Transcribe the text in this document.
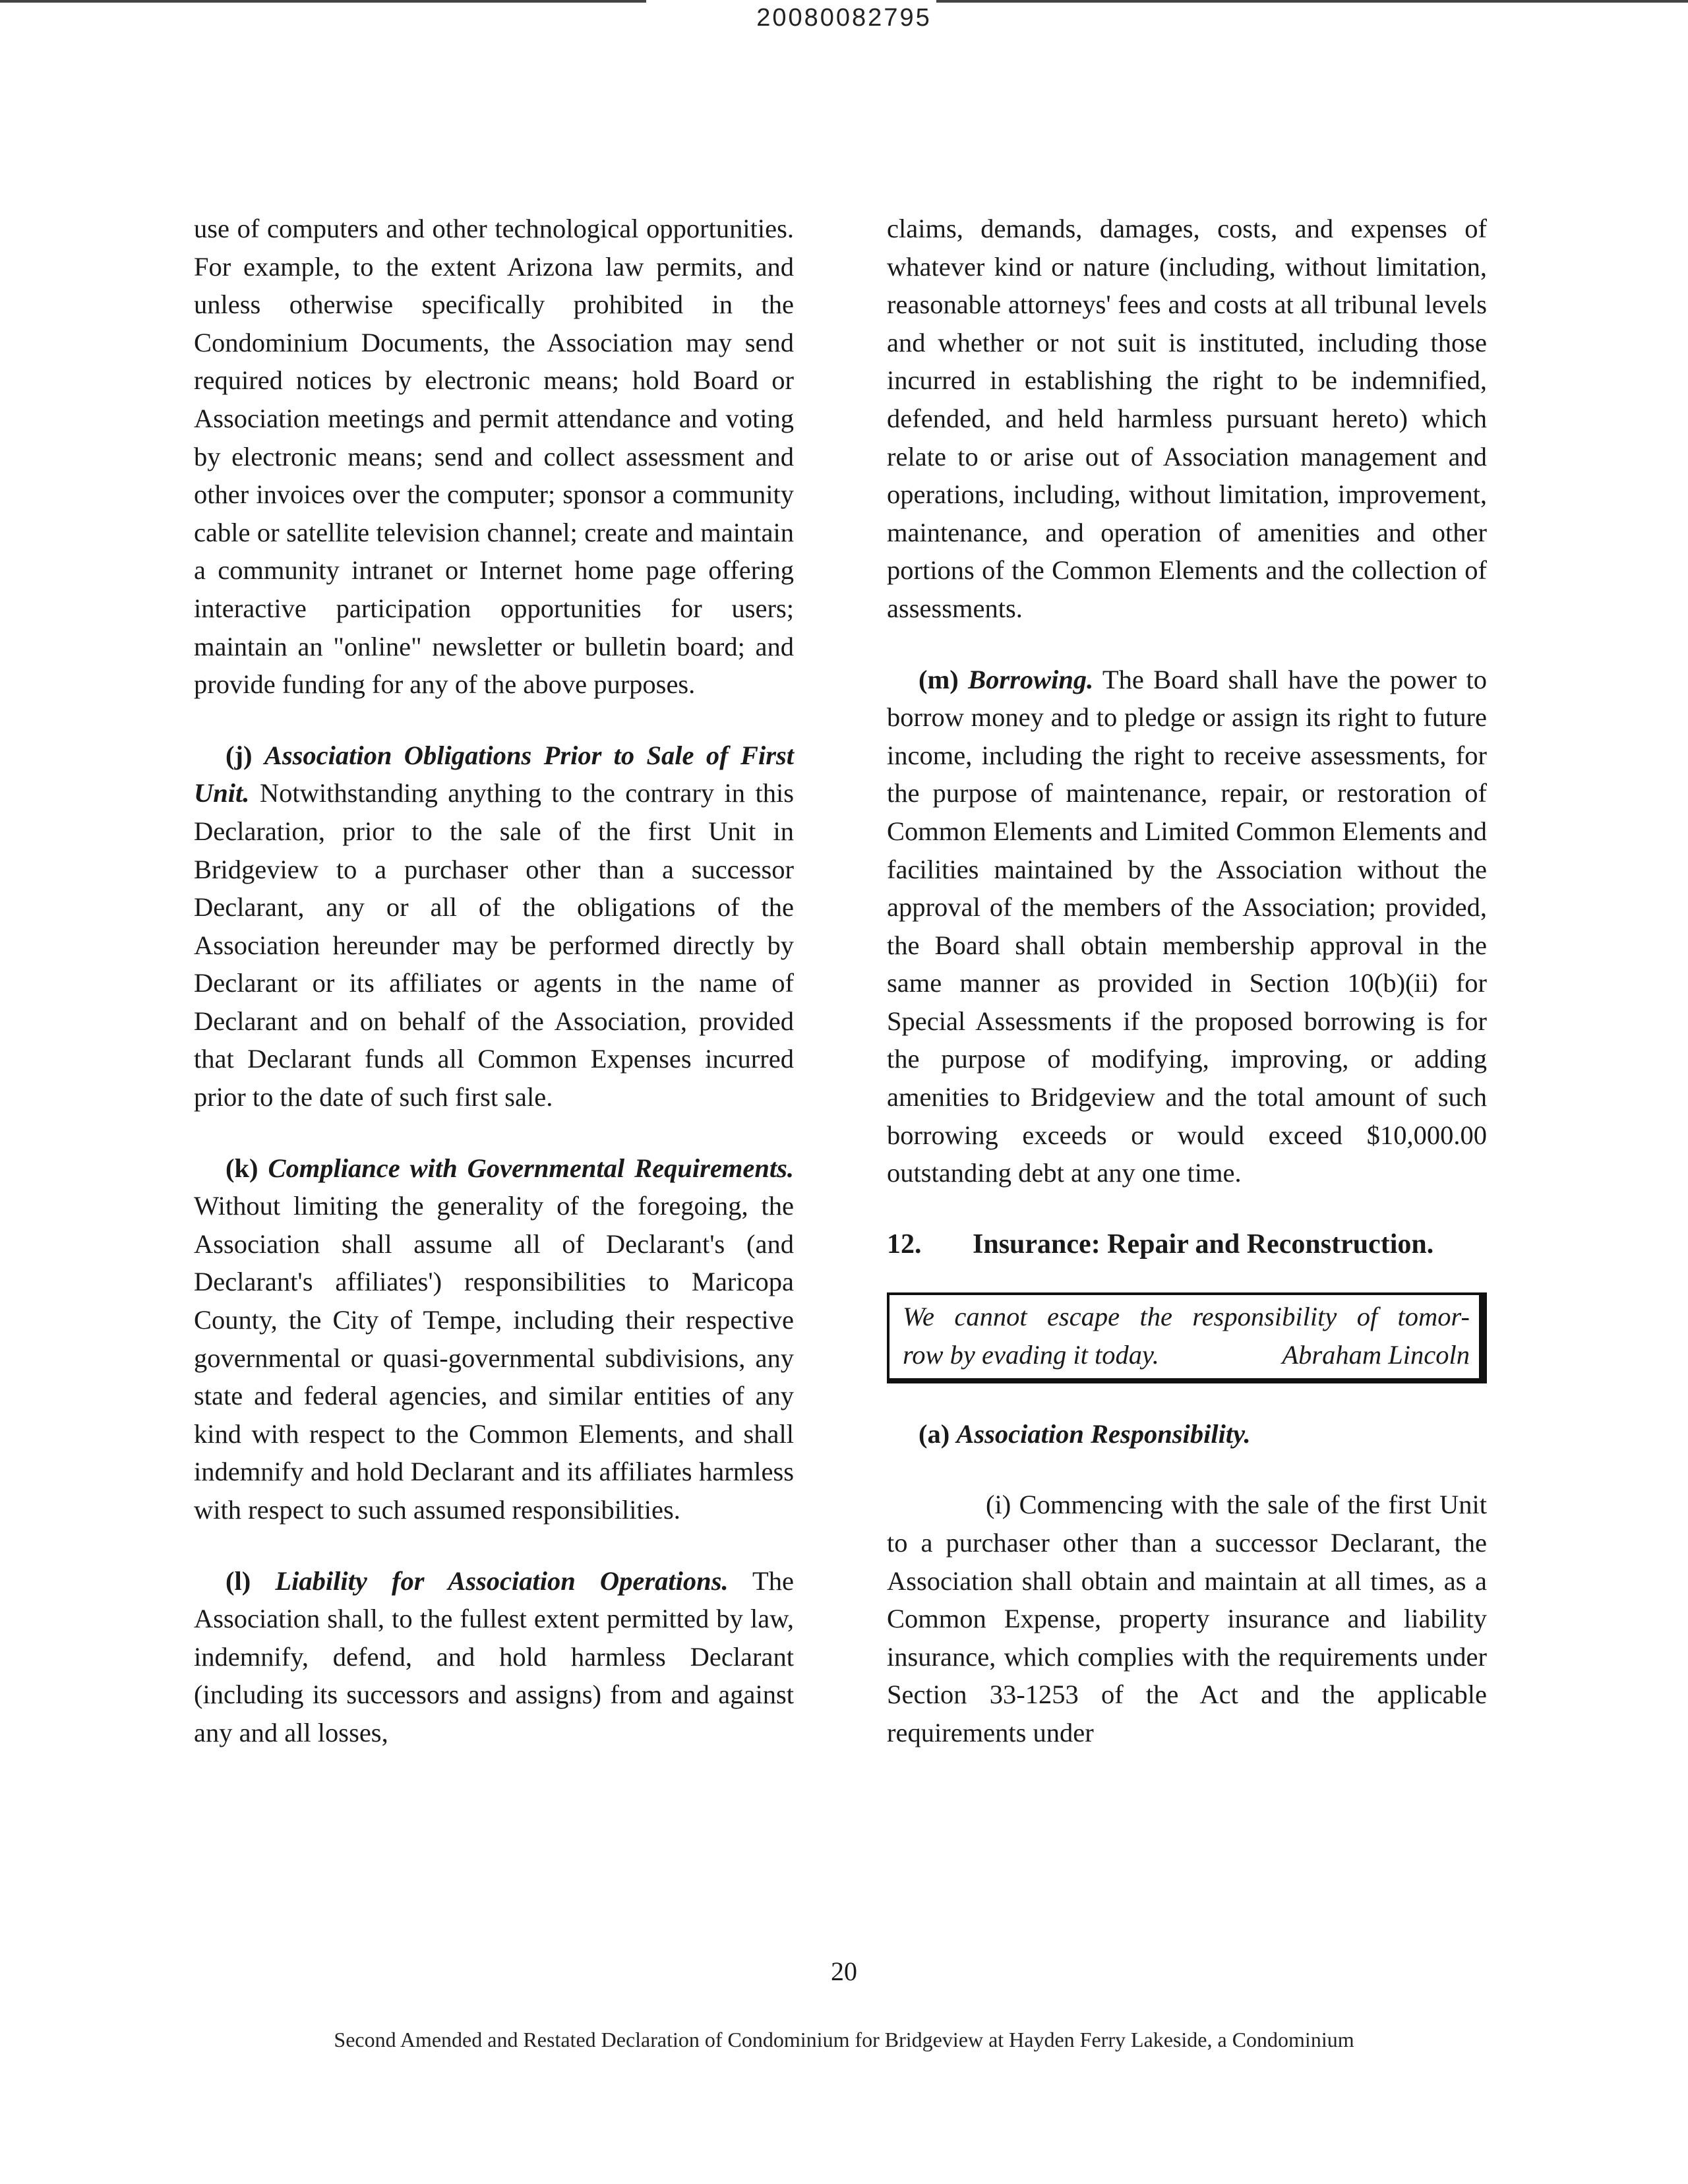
20080082795

use of computers and other technological opportunities. For example, to the extent Arizona law permits, and unless otherwise specifically prohibited in the Condominium Documents, the Association may send required notices by electronic means; hold Board or Association meetings and permit attendance and voting by electronic means; send and collect assessment and other invoices over the computer; sponsor a community cable or satellite television channel; create and maintain a community intranet or Internet home page offering interactive participation opportunities for users; maintain an "online" newsletter or bulletin board; and provide funding for any of the above purposes.

(j) Association Obligations Prior to Sale of First Unit. Notwithstanding anything to the contrary in this Declaration, prior to the sale of the first Unit in Bridgeview to a purchaser other than a successor Declarant, any or all of the obligations of the Association hereunder may be performed directly by Declarant or its affiliates or agents in the name of Declarant and on behalf of the Association, provided that Declarant funds all Common Expenses incurred prior to the date of such first sale.

(k) Compliance with Governmental Requirements. Without limiting the generality of the foregoing, the Association shall assume all of Declarant's (and Declarant's affiliates') responsibilities to Maricopa County, the City of Tempe, including their respective governmental or quasi-governmental subdivisions, any state and federal agencies, and similar entities of any kind with respect to the Common Elements, and shall indemnify and hold Declarant and its affiliates harmless with respect to such assumed responsibilities.

(l) Liability for Association Operations. The Association shall, to the fullest extent permitted by law, indemnify, defend, and hold harmless Declarant (including its successors and assigns) from and against any and all losses,

claims, demands, damages, costs, and expenses of whatever kind or nature (including, without limitation, reasonable attorneys' fees and costs at all tribunal levels and whether or not suit is instituted, including those incurred in establishing the right to be indemnified, defended, and held harmless pursuant hereto) which relate to or arise out of Association management and operations, including, without limitation, improvement, maintenance, and operation of amenities and other portions of the Common Elements and the collection of assessments.

(m) Borrowing. The Board shall have the power to borrow money and to pledge or assign its right to future income, including the right to receive assessments, for the purpose of maintenance, repair, or restoration of Common Elements and Limited Common Elements and facilities maintained by the Association without the approval of the members of the Association; provided, the Board shall obtain membership approval in the same manner as provided in Section 10(b)(ii) for Special Assessments if the proposed borrowing is for the purpose of modifying, improving, or adding amenities to Bridgeview and the total amount of such borrowing exceeds or would exceed $10,000.00 outstanding debt at any one time.

12.	Insurance: Repair and Reconstruction.
We cannot escape the responsibility of tomor-
row by evading it today.	Abraham Lincoln

(a) Association Responsibility.

(i) Commencing with the sale of the first Unit to a purchaser other than a successor Declarant, the Association shall obtain and maintain at all times, as a Common Expense, property insurance and liability insurance, which complies with the requirements under Section 33-1253 of the Act and the applicable requirements under

20
Second Amended and Restated Declaration of Condominium for Bridgeview at Hayden Ferry Lakeside, a Condominium
